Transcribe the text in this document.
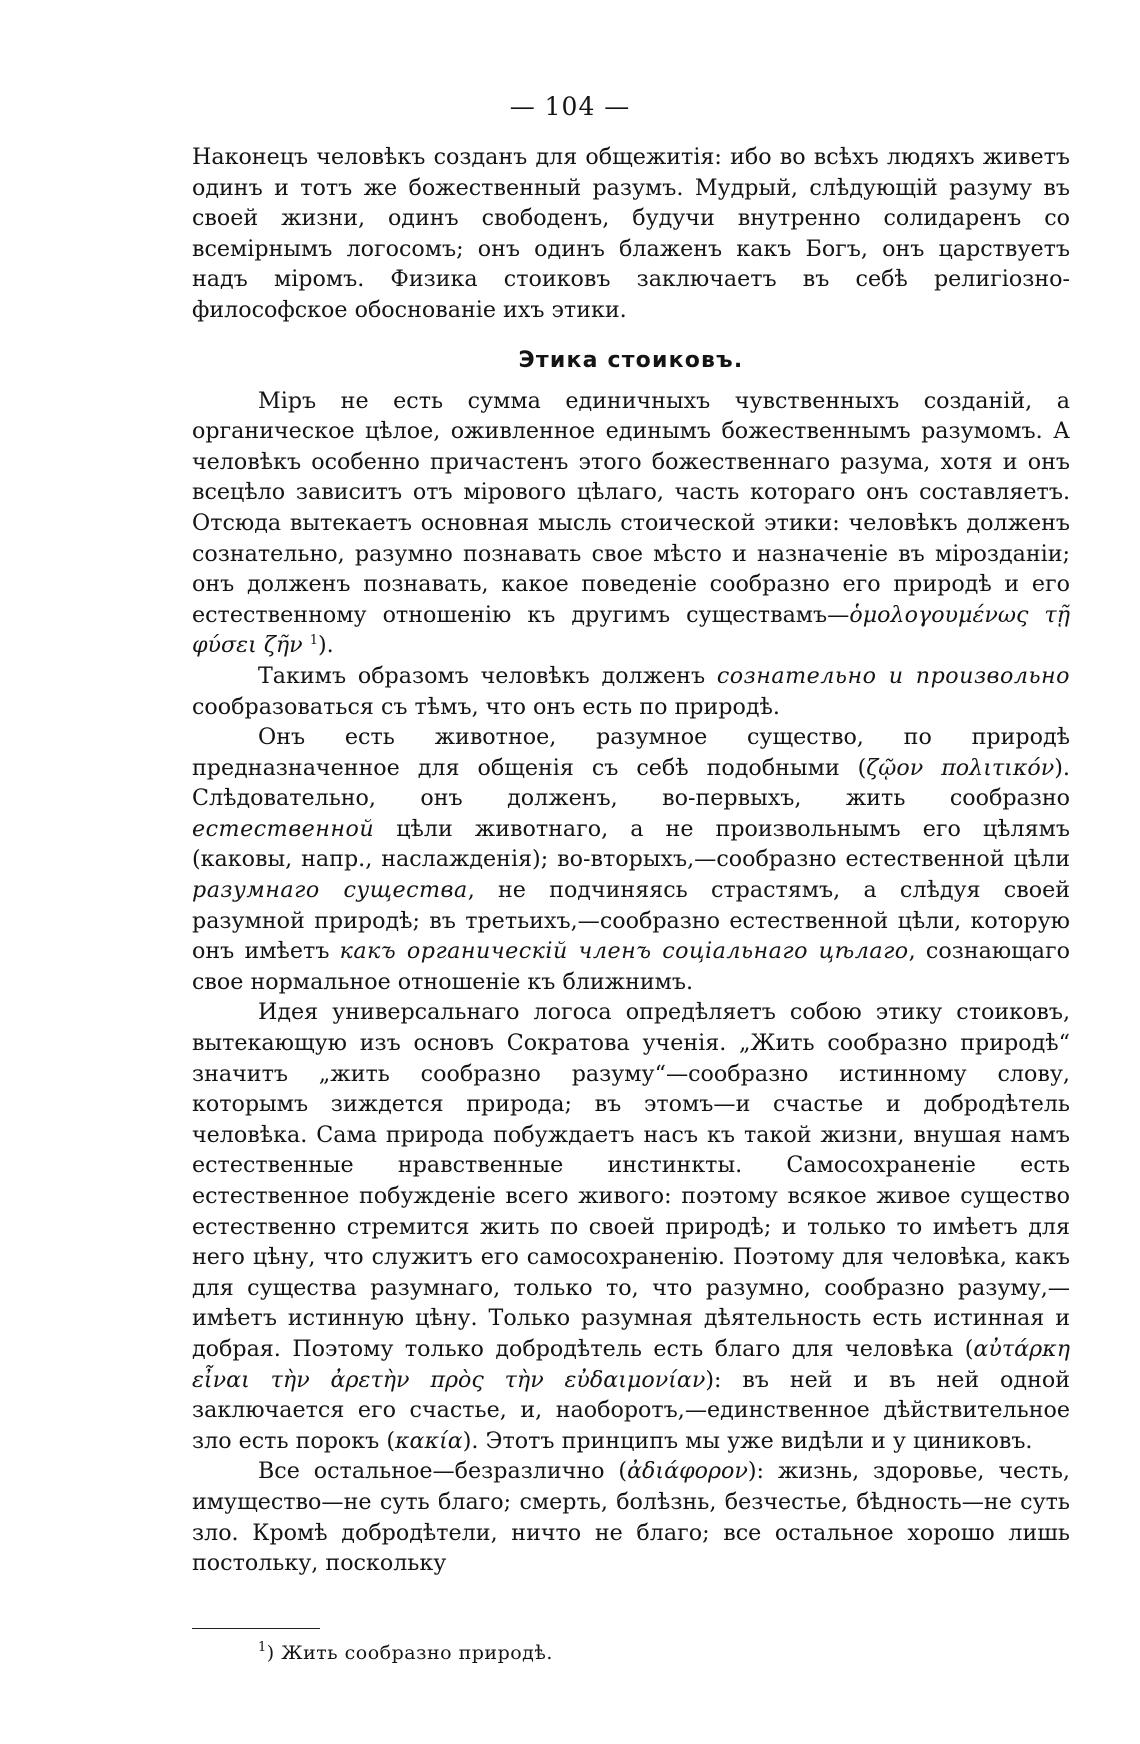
— 104 —

Наконецъ человѣкъ созданъ для общежитія: ибо во всѣхъ людяхъ живетъ одинъ и тотъ же божественный разумъ. Мудрый, слѣдующій разуму въ своей жизни, одинъ свободенъ, будучи внутренно солидаренъ со всемірнымъ логосомъ; онъ одинъ блаженъ какъ Богъ, онъ царствуетъ надъ міромъ. Физика стоиковъ заключаетъ въ себѣ религіозно-философское обоснованіе ихъ этики.

Этика стоиковъ.

Міръ не есть сумма единичныхъ чувственныхъ созданій, а органическое цѣлое, оживленное единымъ божественнымъ разумомъ. А человѣкъ особенно причастенъ этого божественнаго разума, хотя и онъ всецѣло зависитъ отъ мірового цѣлаго, часть котораго онъ составляетъ. Отсюда вытекаетъ основная мысль стоической этики: человѣкъ долженъ сознательно, разумно познавать свое мѣсто и назначеніе въ мірозданіи; онъ долженъ познавать, какое поведеніе сообразно его природѣ и его естественному отношенію къ другимъ существамъ—ὁμολογουμένως τῇ φύσει ζῆν $^1$).

Такимъ образомъ человѣкъ долженъ сознательно и произвольно сообразоваться съ тѣмъ, что онъ есть по природѣ.

Онъ есть животное, разумное существо, по природѣ предназначенное для общенія съ себѣ подобными (ζῷον πολιτικόν). Слѣдовательно, онъ долженъ, во-первыхъ, жить сообразно естественной цѣли животнаго, а не произвольнымъ его цѣлямъ (каковы, напр., наслажденія); во-вторыхъ,—сообразно естественной цѣли разумнаго существа, не подчиняясь страстямъ, а слѣдуя своей разумной природѣ; въ третьихъ,—сообразно естественной цѣли, которую онъ имѣетъ какъ органическій членъ соціальнаго цѣлаго, сознающаго свое нормальное отношеніе къ ближнимъ.

Идея универсальнаго логоса опредѣляетъ собою этику стоиковъ, вытекающую изъ основъ Сократова ученія. „Жить сообразно природѣ“ значитъ „жить сообразно разуму“—сообразно истинному слову, которымъ зиждется природа; въ этомъ—и счастье и добродѣтель человѣка. Сама природа побуждаетъ насъ къ такой жизни, внушая намъ естественные нравственные инстинкты. Самосохраненіе есть естественное побужденіе всего живого: поэтому всякое живое существо естественно стремится жить по своей природѣ; и только то имѣетъ для него цѣну, что служитъ его самосохраненію. Поэтому для человѣка, какъ для существа разумнаго, только то, что разумно, сообразно разуму,—имѣетъ истинную цѣну. Только разумная дѣятельность есть истинная и добрая. Поэтому только добродѣтель есть благо для человѣка (αὐτάρκη εἶναι τὴν ἀρετὴν πρὸς τὴν εὐδαιμονίαν): въ ней и въ ней одной заключается его счастье, и, наоборотъ,—единственное дѣйствительное зло есть порокъ (κακία). Этотъ принципъ мы уже видѣли и у циниковъ.

Все остальное—безразлично (ἀδιάφορον): жизнь, здоровье, честь, имущество—не суть благо; смерть, болѣзнь, безчестье, бѣдность—не суть зло. Кромѣ добродѣтели, ничто не благо; все остальное хорошо лишь постольку, поскольку

$^1$) Жить сообразно природѣ.
